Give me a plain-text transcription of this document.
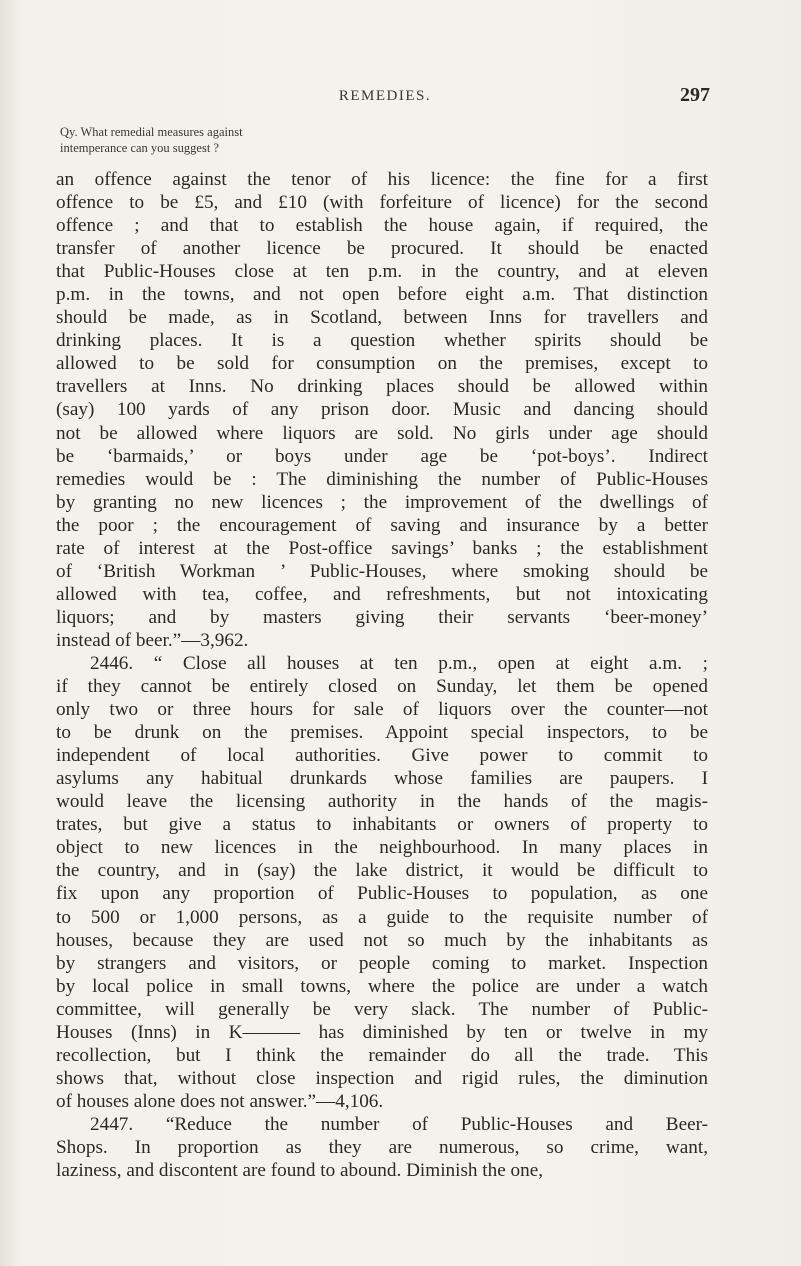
REMEDIES.	297
Qy. What remedial measures against
intemperance can you suggest ?

an offence against the tenor of his licence: the fine for a first
offence to be £5, and £10 (with forfeiture of licence) for the second
offence ; and that to establish the house again, if required, the
transfer of another licence be procured. It should be enacted
that Public-Houses close at ten p.m. in the country, and at eleven
p.m. in the towns, and not open before eight a.m. That distinction
should be made, as in Scotland, between Inns for travellers and
drinking places. It is a question whether spirits should be
allowed to be sold for consumption on the premises, except to
travellers at Inns. No drinking places should be allowed within
(say) 100 yards of any prison door. Music and dancing should
not be allowed where liquors are sold. No girls under age should
be ‘barmaids,’ or boys under age be ‘pot-boys’. Indirect
remedies would be : The diminishing the number of Public-Houses
by granting no new licences ; the improvement of the dwellings of
the poor ; the encouragement of saving and insurance by a better
rate of interest at the Post-office savings’ banks ; the establishment
of ‘British Workman ’ Public-Houses, where smoking should be
allowed with tea, coffee, and refreshments, but not intoxicating
liquors; and by masters giving their servants ‘beer-money’
instead of beer.”—3,962.

2446. “ Close all houses at ten p.m., open at eight a.m. ;
if they cannot be entirely closed on Sunday, let them be opened
only two or three hours for sale of liquors over the counter—not
to be drunk on the premises. Appoint special inspectors, to be
independent of local authorities. Give power to commit to
asylums any habitual drunkards whose families are paupers. I
would leave the licensing authority in the hands of the magis-
trates, but give a status to inhabitants or owners of property to
object to new licences in the neighbourhood. In many places in
the country, and in (say) the lake district, it would be difficult to
fix upon any proportion of Public-Houses to population, as one
to 500 or 1,000 persons, as a guide to the requisite number of
houses, because they are used not so much by the inhabitants as
by strangers and visitors, or people coming to market. Inspection
by local police in small towns, where the police are under a watch
committee, will generally be very slack. The number of Public-
Houses (Inns) in K——— has diminished by ten or twelve in my
recollection, but I think the remainder do all the trade. This
shows that, without close inspection and rigid rules, the diminution
of houses alone does not answer.”—4,106.

2447. “Reduce the number of Public-Houses and Beer-
Shops. In proportion as they are numerous, so crime, want,
laziness, and discontent are found to abound. Diminish the one,
